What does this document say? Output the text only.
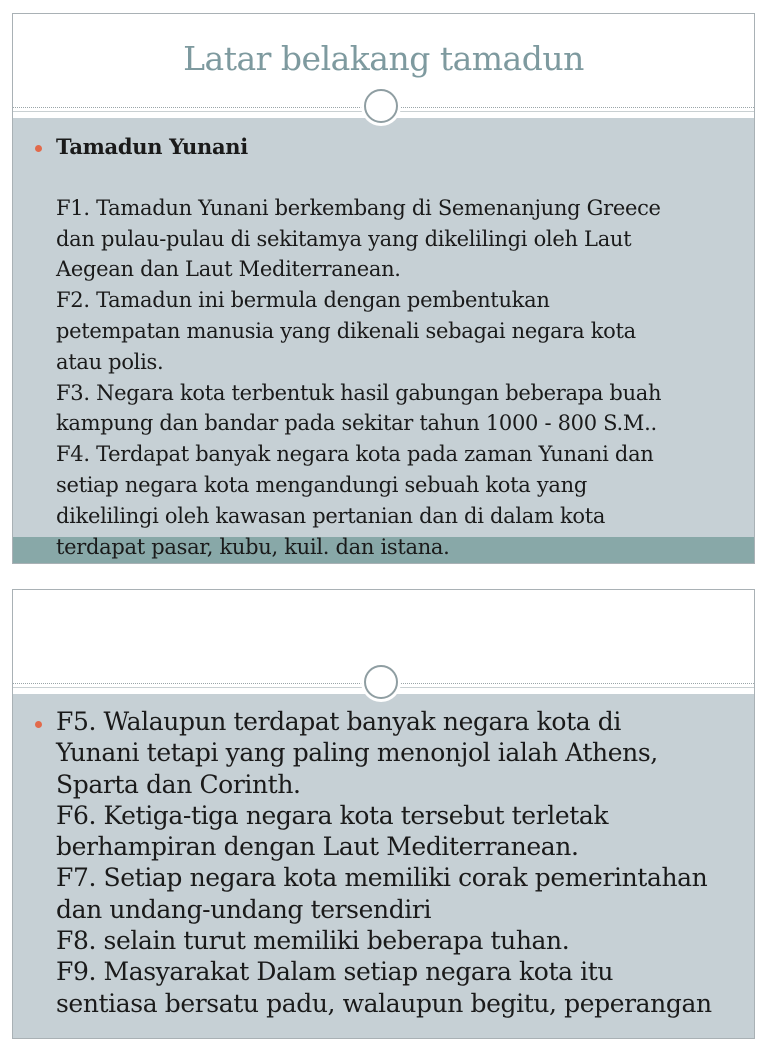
Latar belakang tamadun
Tamadun Yunani
F1. Tamadun Yunani berkembang di Semenanjung Greece
dan pulau-pulau di sekitamya yang dikelilingi oleh Laut
Aegean dan Laut Mediterranean.
F2. Tamadun ini bermula dengan pembentukan
petempatan manusia yang dikenali sebagai negara kota
atau polis.
F3. Negara kota terbentuk hasil gabungan beberapa buah
kampung dan bandar pada sekitar tahun 1000 - 800 S.M..
F4. Terdapat banyak negara kota pada zaman Yunani dan
setiap negara kota mengandungi sebuah kota yang
dikelilingi oleh kawasan pertanian dan di dalam kota
terdapat pasar, kubu, kuil. dan istana.
F5. Walaupun terdapat banyak negara kota di
Yunani tetapi yang paling menonjol ialah Athens,
Sparta dan Corinth.
F6. Ketiga-tiga negara kota tersebut terletak
berhampiran dengan Laut Mediterranean.
F7. Setiap negara kota memiliki corak pemerintahan
dan undang-undang tersendiri
F8. selain turut memiliki beberapa tuhan.
F9. Masyarakat Dalam setiap negara kota itu
sentiasa bersatu padu, walaupun begitu, peperangan
